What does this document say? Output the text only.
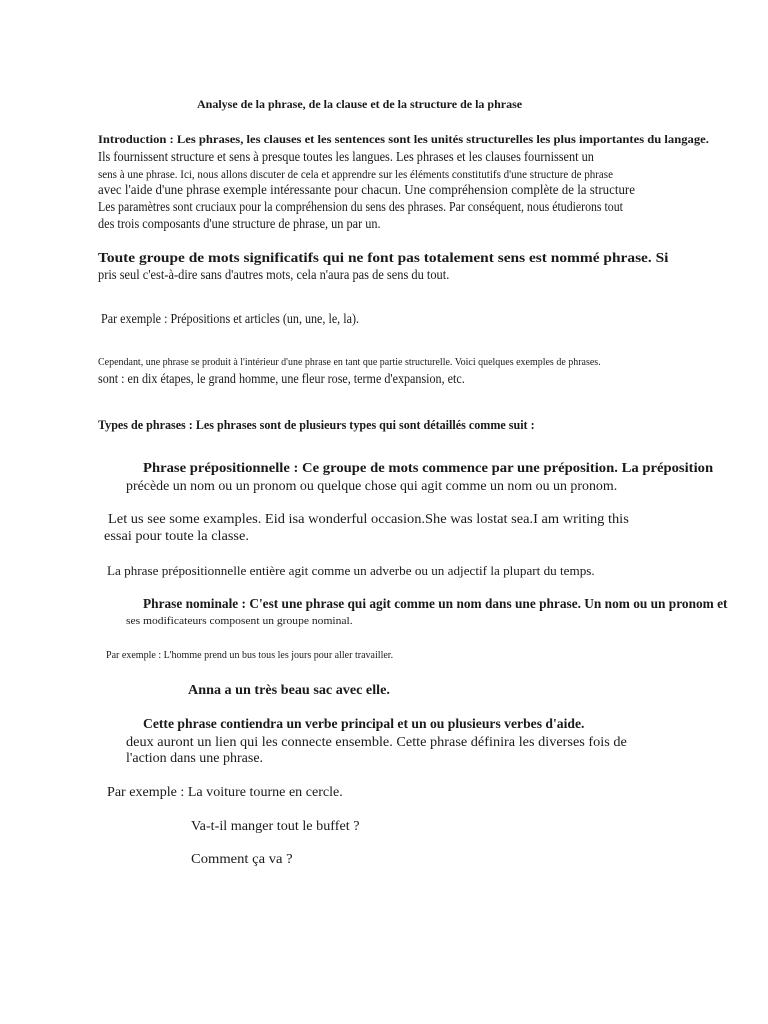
Analyse de la phrase, de la clause et de la structure de la phrase
Introduction : Les phrases, les clauses et les sentences sont les unités structurelles les plus importantes du langage.
Ils fournissent structure et sens à presque toutes les langues. Les phrases et les clauses fournissent un
sens à une phrase. Ici, nous allons discuter de cela et apprendre sur les éléments constitutifs d'une structure de phrase
avec l'aide d'une phrase exemple intéressante pour chacun. Une compréhension complète de la structure
Les paramètres sont cruciaux pour la compréhension du sens des phrases. Par conséquent, nous étudierons tout
des trois composants d'une structure de phrase, un par un.
Toute groupe de mots significatifs qui ne font pas totalement sens est nommé phrase. Si
pris seul c'est-à-dire sans d'autres mots, cela n'aura pas de sens du tout.
Par exemple : Prépositions et articles (un, une, le, la).
Cependant, une phrase se produit à l'intérieur d'une phrase en tant que partie structurelle. Voici quelques exemples de phrases.
sont : en dix étapes, le grand homme, une fleur rose, terme d'expansion, etc.
Types de phrases : Les phrases sont de plusieurs types qui sont détaillés comme suit :
Phrase prépositionnelle : Ce groupe de mots commence par une préposition. La préposition
précède un nom ou un pronom ou quelque chose qui agit comme un nom ou un pronom.
Let us see some examples. Eid isa wonderful occasion.She was lostat sea.I am writing this
essai pour toute la classe.
La phrase prépositionnelle entière agit comme un adverbe ou un adjectif la plupart du temps.
Phrase nominale : C'est une phrase qui agit comme un nom dans une phrase. Un nom ou un pronom et
ses modificateurs composent un groupe nominal.
Par exemple : L'homme prend un bus tous les jours pour aller travailler.
Anna a un très beau sac avec elle.
Cette phrase contiendra un verbe principal et un ou plusieurs verbes d'aide.
deux auront un lien qui les connecte ensemble. Cette phrase définira les diverses fois de
l'action dans une phrase.
Par exemple : La voiture tourne en cercle.
Va-t-il manger tout le buffet ?
Comment ça va ?
